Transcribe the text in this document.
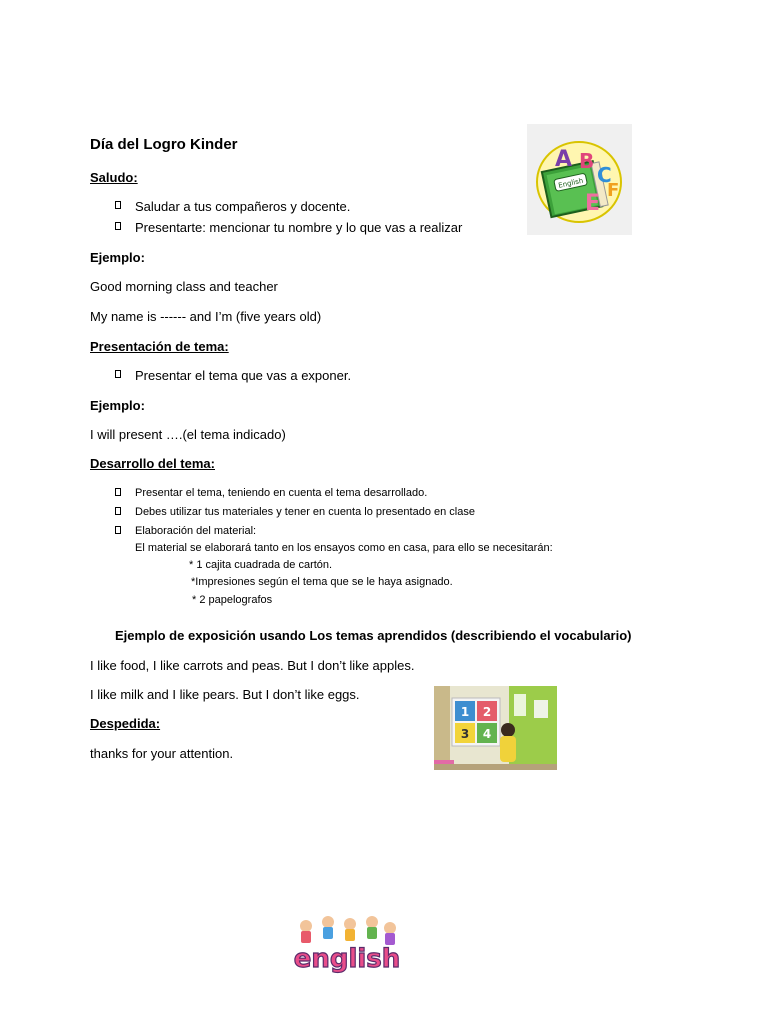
Día del Logro Kinder
Saludo:
Saludar a tus compañeros y docente.
Presentarte: mencionar tu nombre y lo que vas a realizar
Ejemplo:
Good morning class and teacher
My name is ------ and I’m (five years old)
Presentación de tema:
Presentar el tema que vas a exponer.
Ejemplo:
I will present ….(el tema indicado)
Desarrollo del tema:
Presentar el tema, teniendo en cuenta el tema desarrollado.
Debes utilizar tus materiales y tener en cuenta lo presentado en clase
Elaboración del material:
El material se elaborará tanto en los ensayos como en casa, para ello se necesitarán:
* 1 cajita cuadrada de cartón.
*Impresiones según el tema que se le haya asignado.
* 2 papelografos
Ejemplo de exposición usando Los temas aprendidos (describiendo el vocabulario)
I like food, I like carrots and peas. But I don’t like apples.
I like milk and I like pears. But I don’t like eggs.
Despedida:
thanks for your attention.
English
A B
C
E
F
1 2
3 4
english
